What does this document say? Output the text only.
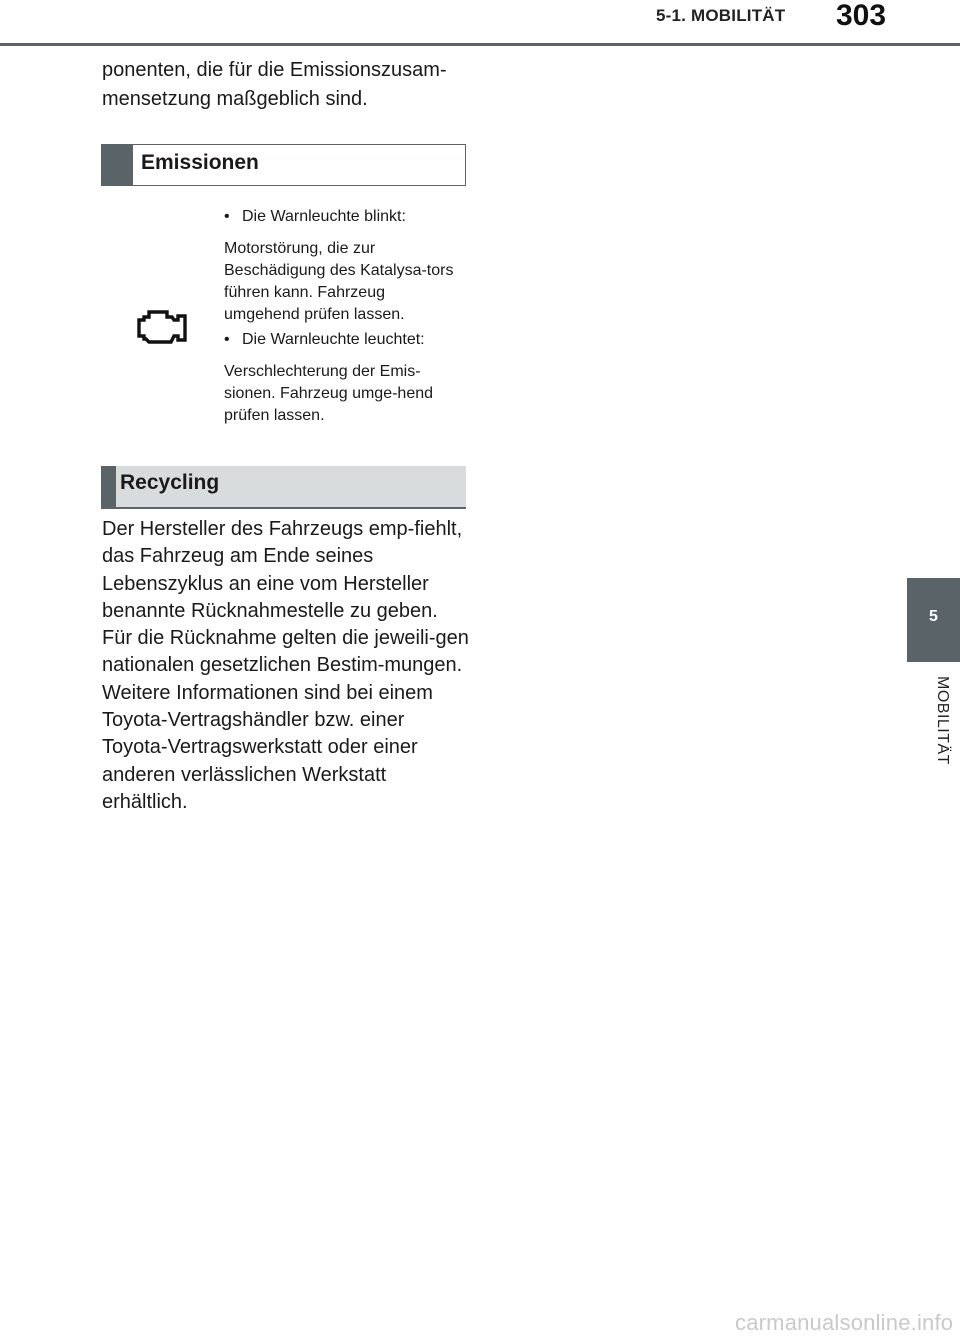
5-1. MOBILITÄT 303

ponenten, die für die Emissionszusam-mensetzung maßgeblich sind.

Emissionen

• Die Warnleuchte blinkt:

Motorstörung, die zur Beschädigung des Katalysa-tors führen kann. Fahrzeug umgehend prüfen lassen.

• Die Warnleuchte leuchtet:

Verschlechterung der Emis-sionen. Fahrzeug umge-hend prüfen lassen.

Recycling

Der Hersteller des Fahrzeugs emp-fiehlt, das Fahrzeug am Ende seines Lebenszyklus an eine vom Hersteller benannte Rücknahmestelle zu geben. Für die Rücknahme gelten die jeweili-gen nationalen gesetzlichen Bestim-mungen. Weitere Informationen sind bei einem Toyota-Vertragshändler bzw. einer Toyota-Vertragswerkstatt oder einer anderen verlässlichen Werkstatt erhältlich.

5
MOBILITÄT
carmanualsonline.info
